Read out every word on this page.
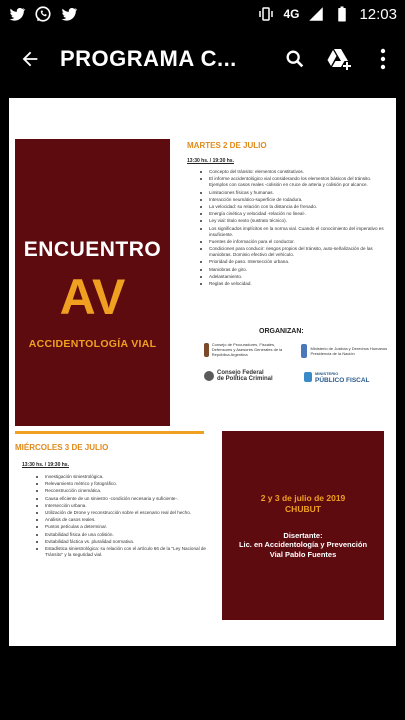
4G	12:03
PROGRAMA C...
ENCUENTRO
AV
ACCIDENTOLOGÍA VIAL
MARTES 2 DE JULIO
13:30 hs. / 19:30 hs.
Concepto del tránsito: elementos constitutivos.
El informe accidentológico vial considerando los elementos básicos del tránsito. Ejemplos con casos reales -colisión en cruce de arteria y colisión por alcance.
Limitaciones físicas y humanas.
Interacción neumático-superficie de rodadura.
La velocidad: su relación con la distancia de frenado.
Energía cinética y velocidad -relación no lineal-.
Ley vial: titulo sexto (sustrato técnico).
Los significados implícitos en la norma vial. Cuando el conocimiento del imperativo es insuficiente.
Fuentes de información para el conductor.
Condiciones para conducir: riesgos propios del tránsito, auto-señalización de las maniobras. Dominio efectivo del vehículo.
Prioridad de paso. Intersección urbana.
Maniobras de giro.
Adelantamiento.
Reglas de velocidad.
ORGANIZAN:
Consejo de Procuradores, Fiscales, Defensores y Asesores Generales de la República Argentina
Ministerio de Justicia y Derechos Humanos Presidencia de la Nación
Consejo Federal
de Política Criminal
MINISTERIO
PÚBLICO FISCAL
MIÉRCOLES 3 DE JULIO
13:30 hs. / 19:30 hs.
Investigación siniestrológica.
Relevamiento métrico y fotográfico.
Reconstrucción cinemática.
Causa eficiente de un siniestro -condición necesaria y suficiente-.
Intersección urbana.
Utilización de Drone y reconstrucción sobre el escenario real del hecho.
Análisis de casos reales.
Puntos petículas a determinar.
Evitabilidad física de una colisión.
Evitabilidad fáctica vs. pluralidad normativa.
Estadística siniestrológica: su relación con el artículo 66 de la "Ley Nacional de Tránsito" y la seguridad vial.
2 y 3 de julio de 2019
CHUBUT
Disertante:
Lic. en Accidentología y Prevención Vial Pablo Fuentes
